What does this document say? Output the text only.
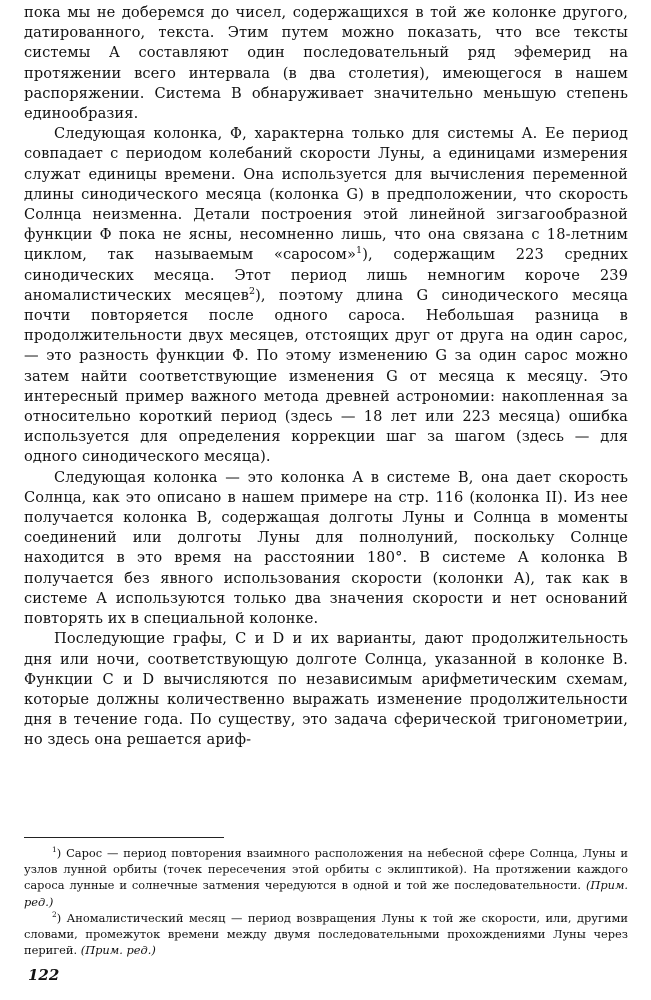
пока мы не доберемся до чисел, содержащихся в той же колонке другого, датированного, текста. Этим путем можно показать, что все тексты системы А составляют один последовательный ряд эфемерид на протяжении всего интервала (в два столетия), имеющегося в нашем распоряжении. Система В обнаруживает значительно меньшую степень единообразия.

Следующая колонка, Φ, характерна только для системы А. Ее период совпадает с периодом колебаний скорости Луны, а единицами измерения служат единицы времени. Она используется для вычисления переменной длины синодического месяца (колонка G) в предположении, что скорость Солнца неизменна. Детали построения этой линейной зигзагообразной функции Φ пока не ясны, несомненно лишь, что она связана с 18-летним циклом, так называемым «саросом»$^1$), содержащим 223 средних синодических месяца. Этот период лишь немногим короче 239 аномалистических месяцев$^2$), поэтому длина G синодического месяца почти повторяется после одного сароса. Небольшая разница в продолжительности двух месяцев, отстоящих друг от друга на один сарос, — это разность функции Φ. По этому изменению G за один сарос можно затем найти соответствующие изменения G от месяца к месяцу. Это интересный пример важного метода древней астрономии: накопленная за относительно короткий период (здесь — 18 лет или 223 месяца) ошибка используется для определения коррекции шаг за шагом (здесь — для одного синодического месяца).

Следующая колонка — это колонка A в системе В, она дает скорость Солнца, как это описано в нашем примере на стр. 116 (колонка II). Из нее получается колонка B, содержащая долготы Луны и Солнца в моменты соединений или долготы Луны для полнолуний, поскольку Солнце находится в это время на расстоянии 180°. В системе А колонка B получается без явного использования скорости (колонки A), так как в системе А используются только два значения скорости и нет оснований повторять их в специальной колонке.

Последующие графы, C и D и их варианты, дают продолжительность дня или ночи, соответствующую долготе Солнца, указанной в колонке B. Функции C и D вычисляются по независимым арифметическим схемам, которые должны количественно выражать изменение продолжительности дня в течение года. По существу, это задача сферической тригонометрии, но здесь она решается ариф-

$^1$) Сарос — период повторения взаимного расположения на небесной сфере Солнца, Луны и узлов лунной орбиты (точек пересечения этой орбиты с эклиптикой). На протяжении каждого сароса лунные и солнечные затмения чередуются в одной и той же последовательности. (Прим. ред.)

$^2$) Аномалистический месяц — период возвращения Луны к той же скорости, или, другими словами, промежуток времени между двумя последовательными прохождениями Луны через перигей. (Прим. ред.)

122
